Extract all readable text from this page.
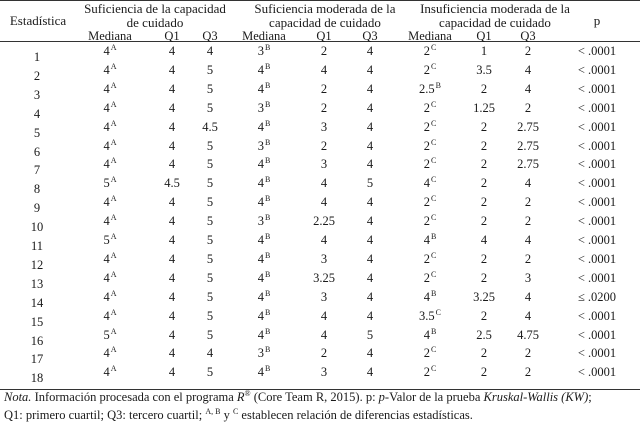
Estadística
Suficiencia de la capacidad
de cuidado
Suficiencia moderada de la
capacidad de cuidado
Insuficiencia moderada de la
capacidad de cuidado	p
Mediana	Q1	Q3	Mediana	Q1	Q3	Mediana	Q1	Q3
1	$4^A$	4	4	$3^B$	2	4	$2^C$	1	2	< .0001
2	$4^A$	4	5	$4^B$	4	4	$2^C$	3.5	4	< .0001
3	$4^A$	4	5	$4^B$	2	4	$2.5^B$	2	4	< .0001
4	$4^A$	4	5	$3^B$	2	4	$2^C$	1.25	2	< .0001
5	$4^A$	4	4.5	$4^B$	3	4	$2^C$	2	2.75	< .0001
6	$4^A$	4	5	$3^B$	2	4	$2^C$	2	2.75	< .0001
7	$4^A$	4	5	$4^B$	3	4	$2^C$	2	2.75	< .0001
8	$5^A$	4.5	5	$4^B$	4	5	$4^C$	2	4	< .0001
9	$4^A$	4	5	$4^B$	4	4	$2^C$	2	2	< .0001
10	$4^A$	4	5	$3^B$	2.25	4	$2^C$	2	2	< .0001
11	$5^A$	4	5	$4^B$	4	4	$4^B$	4	4	< .0001
12	$4^A$	4	5	$4^B$	3	4	$2^C$	2	2	< .0001
13	$4^A$	4	5	$4^B$	3.25	4	$2^C$	2	3	< .0001
14	$4^A$	4	5	$4^B$	3	4	$4^B$	3.25	4	≤ .0200
15	$4^A$	4	5	$4^B$	4	4	$3.5^C$	2	4	< .0001
16	$5^A$	4	5	$4^B$	4	5	$4^B$	2.5	4.75	< .0001
17	$4^A$	4	4	$3^B$	2	4	$2^C$	2	2	< .0001
18	$4^A$	4	5	$4^B$	3	4	$2^C$	2	2	< .0001
Nota. Información procesada con el programa R® (Core Team R, 2015). p: p-Valor de la prueba Kruskal-Wallis (KW);
Q1: primero cuartil; Q3: tercero cuartil; $^{A, B}$ y $^C$ establecen relación de diferencias estadísticas.
